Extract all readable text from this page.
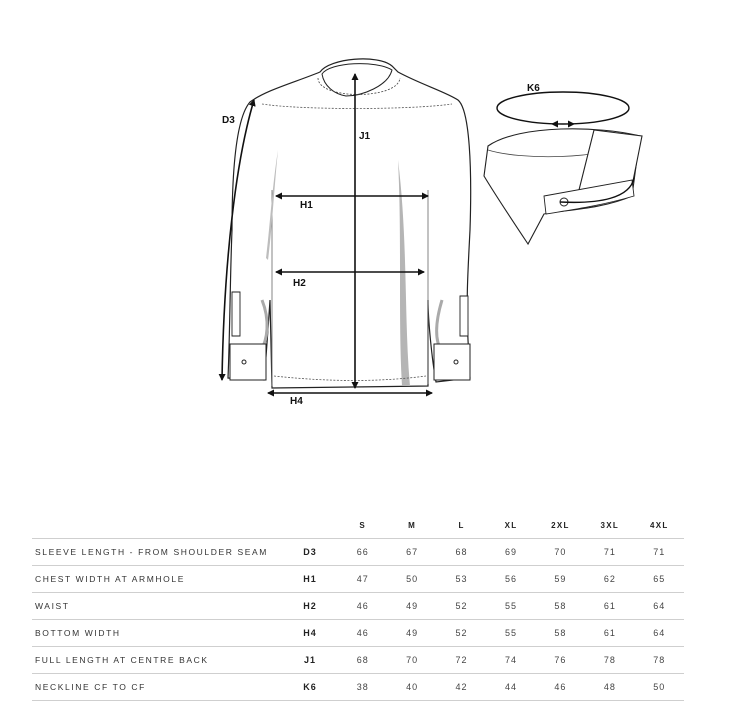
D3
J1
H1
H2
H4
K6
		S	M	L	XL	2XL	3XL	4XL
SLEEVE LENGTH - FROM SHOULDER SEAM	D3	66	67	68	69	70	71	71
CHEST WIDTH AT ARMHOLE	H1	47	50	53	56	59	62	65
WAIST	H2	46	49	52	55	58	61	64
BOTTOM WIDTH	H4	46	49	52	55	58	61	64
FULL LENGTH AT CENTRE BACK	J1	68	70	72	74	76	78	78
NECKLINE CF TO CF	K6	38	40	42	44	46	48	50
